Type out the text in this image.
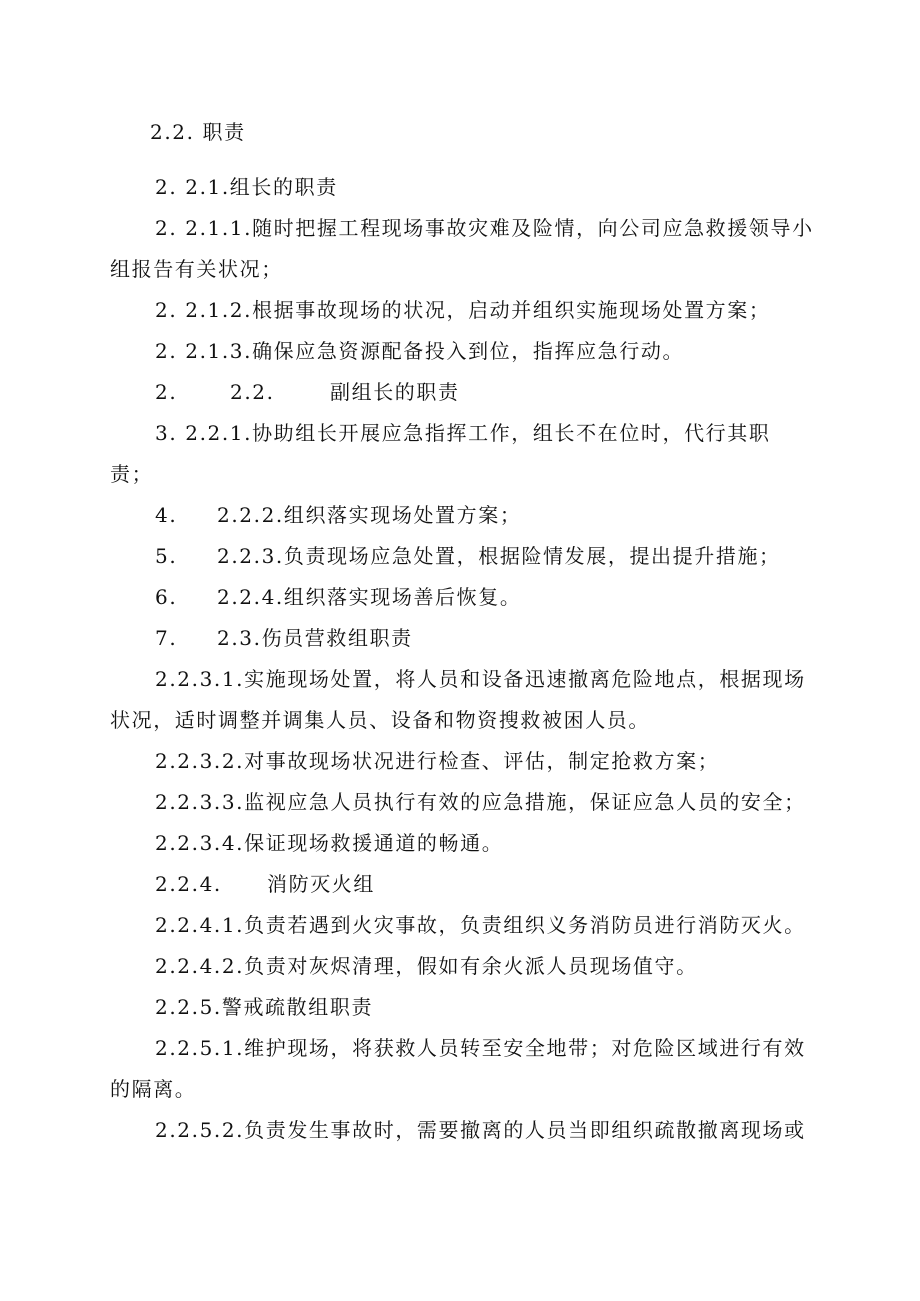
2.2. 职责
2. 2.1.组长的职责
2. 2.1.1.随时把握工程现场事故灾难及险情，向公司应急救援领导小
组报告有关状况；
2. 2.1.2.根据事故现场的状况，启动并组织实施现场处置方案；
2. 2.1.3.确保应急资源配备投入到位，指挥应急行动。
2.	2.2.	副组长的职责
3. 2.2.1.协助组长开展应急指挥工作，组长不在位时，代行其职
责；
4. 2.2.2.组织落实现场处置方案；
5. 2.2.3.负责现场应急处置，根据险情发展，提出提升措施；
6. 2.2.4.组织落实现场善后恢复。
7. 2.3.伤员营救组职责
2.2.3.1.实施现场处置，将人员和设备迅速撤离危险地点，根据现场
状况，适时调整并调集人员、设备和物资搜救被困人员。
2.2.3.2.对事故现场状况进行检查、评估，制定抢救方案；
2.2.3.3.监视应急人员执行有效的应急措施，保证应急人员的安全；
2.2.3.4.保证现场救援通道的畅通。
2.2.4. 消防灭火组
2.2.4.1.负责若遇到火灾事故，负责组织义务消防员进行消防灭火。
2.2.4.2.负责对灰烬清理，假如有余火派人员现场值守。
2.2.5.警戒疏散组职责
2.2.5.1.维护现场，将获救人员转至安全地带；对危险区域进行有效
的隔离。
2.2.5.2.负责发生事故时，需要撤离的人员当即组织疏散撤离现场或
